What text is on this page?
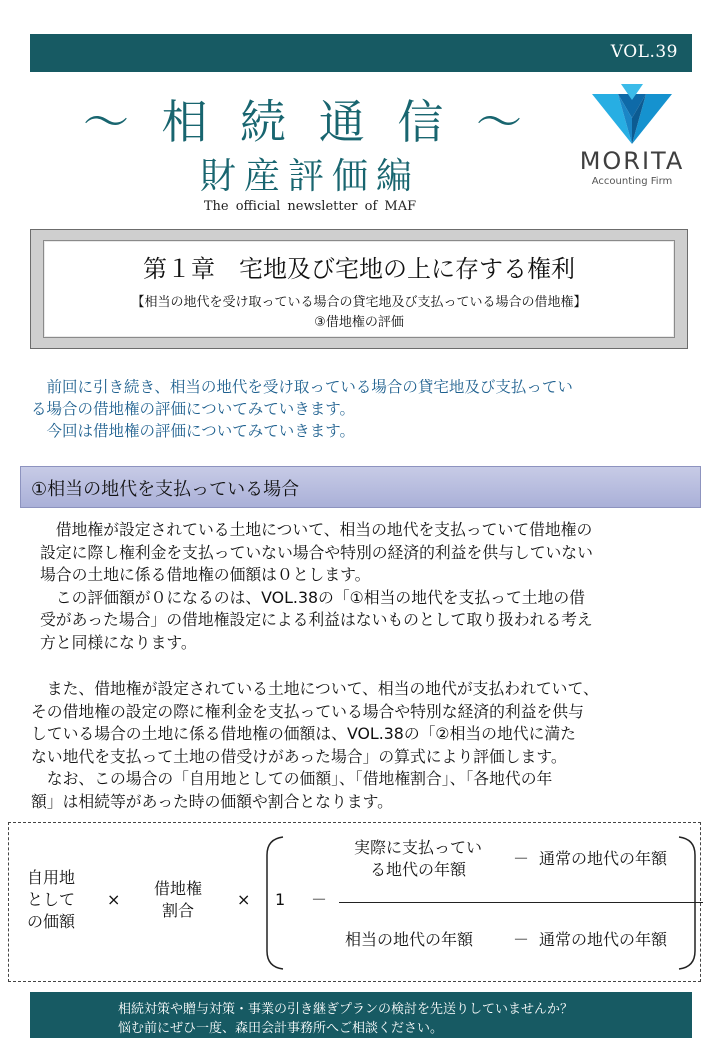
VOL.39
～ 相 続 通 信 ～
財産評価編
The official newsletter of MAF
MORITA
Accounting Firm
第１章　宅地及び宅地の上に存する権利
【相当の地代を受け取っている場合の貸宅地及び支払っている場合の借地権】
③借地権の評価

　前回に引き続き、相当の地代を受け取っている場合の貸宅地及び支払ってい

る場合の借地権の評価についてみていきます。

　今回は借地権の評価についてみていきます。

①相当の地代を支払っている場合

　借地権が設定されている土地について、相当の地代を支払っていて借地権の

設定に際し権利金を支払っていない場合や特別の経済的利益を供与していない

場合の土地に係る借地権の価額は０とします。

　この評価額が０になるのは、VOL.38の「①相当の地代を支払って土地の借

受があった場合」の借地権設定による利益はないものとして取り扱われる考え

方と同様になります。

　また、借地権が設定されている土地について、相当の地代が支払われていて、

その借地権の設定の際に権利金を支払っている場合や特別な経済的利益を供与

している場合の土地に係る借地権の価額は、VOL.38の「②相当の地代に満た

ない地代を支払って土地の借受けがあった場合」の算式により評価します。

　なお、この場合の「自用地としての価額」、「借地権割合」、「各地代の年

額」は相続等があった時の価額や割合となります。

自用地
として
の価額
×
借地権
割合
× 1 －
実際に支払ってい
る地代の年額
－ 通常の地代の年額
相当の地代の年額 － 通常の地代の年額
相続対策や贈与対策・事業の引き継ぎプランの検討を先送りしていませんか？
悩む前にぜひ一度、森田会計事務所へご相談ください。
